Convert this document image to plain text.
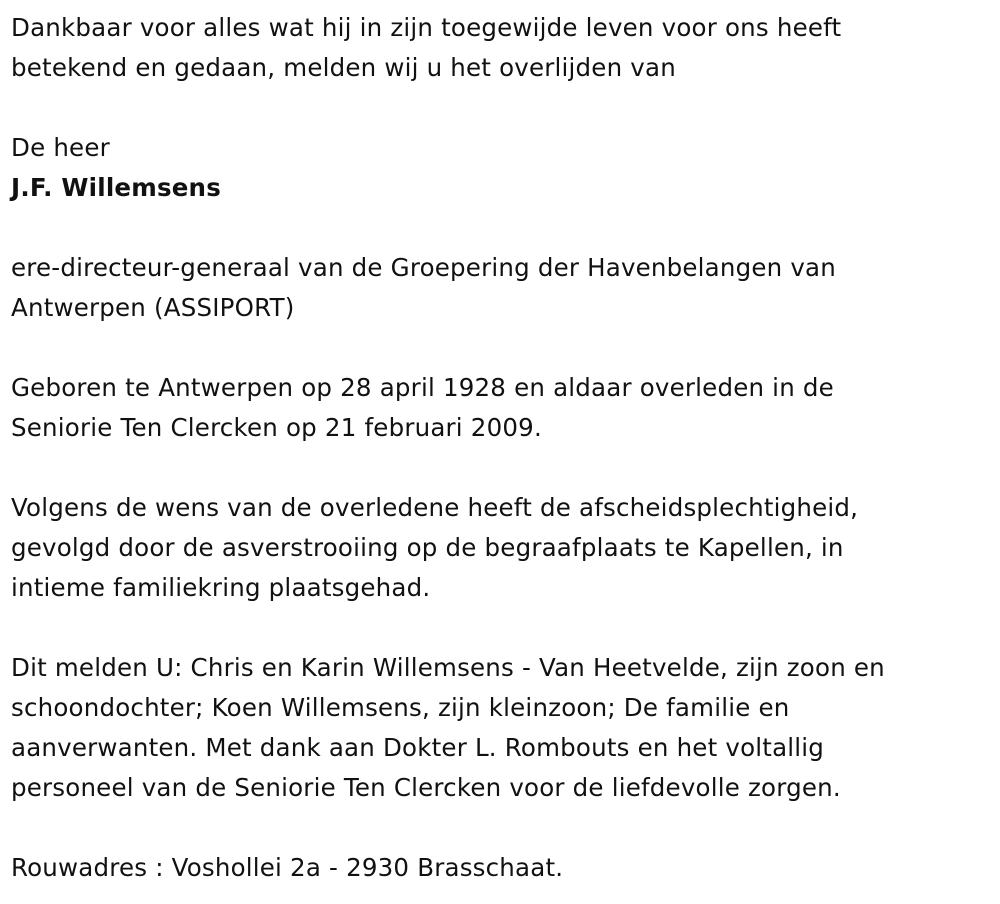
Dankbaar voor alles wat hij in zijn toegewijde leven voor ons heeft
betekend en gedaan, melden wij u het overlijden van
De heer
J.F. Willemsens
ere-directeur-generaal van de Groepering der Havenbelangen van
Antwerpen (ASSIPORT)
Geboren te Antwerpen op 28 april 1928 en aldaar overleden in de
Seniorie Ten Clercken op 21 februari 2009.
Volgens de wens van de overledene heeft de afscheidsplechtigheid,
gevolgd door de asverstrooiing op de begraafplaats te Kapellen, in
intieme familiekring plaatsgehad.
Dit melden U: Chris en Karin Willemsens - Van Heetvelde, zijn zoon en
schoondochter; Koen Willemsens, zijn kleinzoon; De familie en
aanverwanten. Met dank aan Dokter L. Rombouts en het voltallig
personeel van de Seniorie Ten Clercken voor de liefdevolle zorgen.
Rouwadres : Voshollei 2a - 2930 Brasschaat.
